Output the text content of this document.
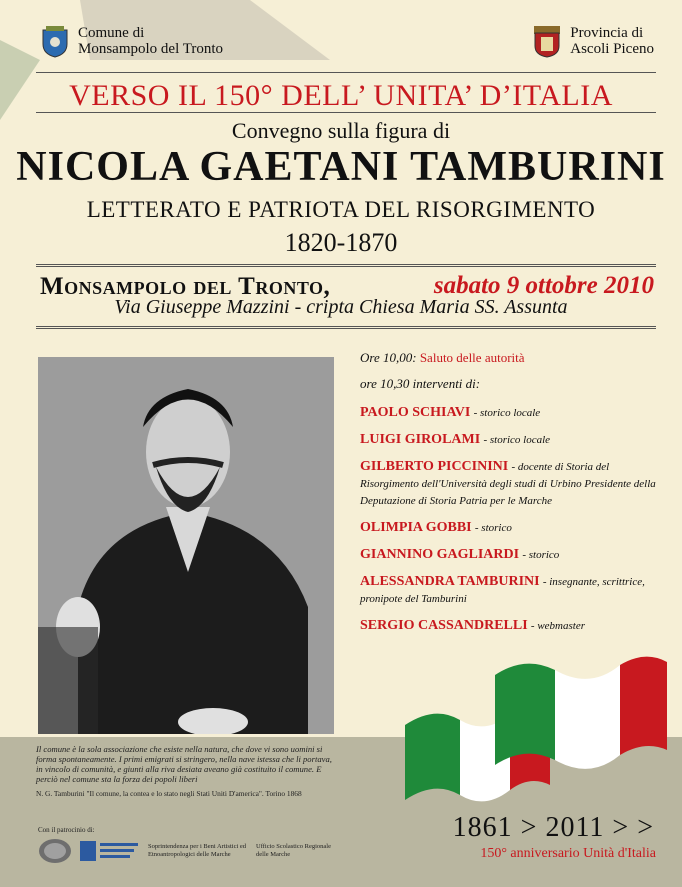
Comune di
Monsampolo del Tronto
Provincia di
Ascoli Piceno
VERSO IL 150° DELL’ UNITA’ D’ITALIA
Convegno sulla figura di
NICOLA GAETANI TAMBURINI
LETTERATO E PATRIOTA DEL RISORGIMENTO
1820-1870
Monsampolo del Tronto,	sabato 9 ottobre 2010
Via Giuseppe Mazzini - cripta Chiesa Maria SS. Assunta
Ore 10,00: Saluto delle autorità
ore 10,30 interventi di:
PAOLO SCHIAVI - storico locale
LUIGI GIROLAMI - storico locale
GILBERTO PICCININI - docente di Storia del Risorgimento dell'Università degli studi di Urbino Presidente della Deputazione di Storia Patria per le Marche
OLIMPIA GOBBI - storico
GIANNINO GAGLIARDI - storico
ALESSANDRA TAMBURINI - insegnante, scrittrice, pronipote del Tamburini
SERGIO CASSANDRELLI - webmaster
Il comune è la sola associazione che esiste nella natura, che dove vi sono uomini si forma spontaneamente. I primi emigrati si stringero, nella nave istessa che li portava, in vincolo di comunità, e giunti alla riva desiata aveano già costituito il comune. E perciò nel comune sta la forza dei popoli liberi
N. G. Tamburini "Il comune, la contea e lo stato negli Stati Uniti D'america". Torino 1868
Con il patrocinio di:
Soprintendenza per i Beni Artistici ed Etnoantropologici delle Marche
Ufficio Scolastico Regionale delle Marche
1861 > 2011 > >
150° anniversario Unità d'Italia
